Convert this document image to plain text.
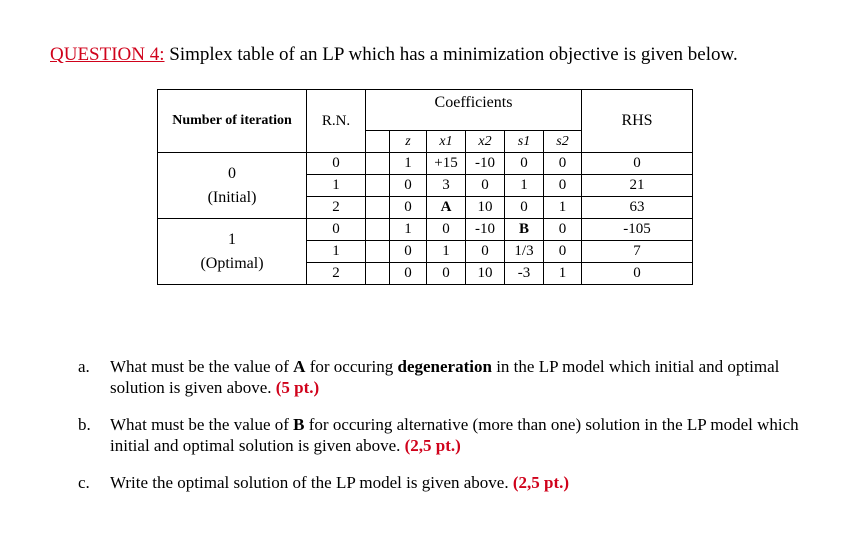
QUESTION 4: Simplex table of an LP which has a minimization objective is given below.
Number of iteration	R.N.	Coefficients						RHS
			z	x1	x2	s1	s2	

0
(Initial)	0		1	+15	-10	0	0	0
	1		0	3	0	1	0	21
	2		0	A	10	0	1	63

1
(Optimal)	0		1	0	-10	B	0	-105
	1		0	1	0	1/3	0	7
	2		0	0	10	-3	1	0
a.	What must be the value of A for occuring degeneration in the LP model which initial and optimal solution is given above. (5 pt.)
b.	What must be the value of B for occuring alternative (more than one) solution in the LP model which initial and optimal solution is given above. (2,5 pt.)
c.	Write the optimal solution of the LP model is given above. (2,5 pt.)
